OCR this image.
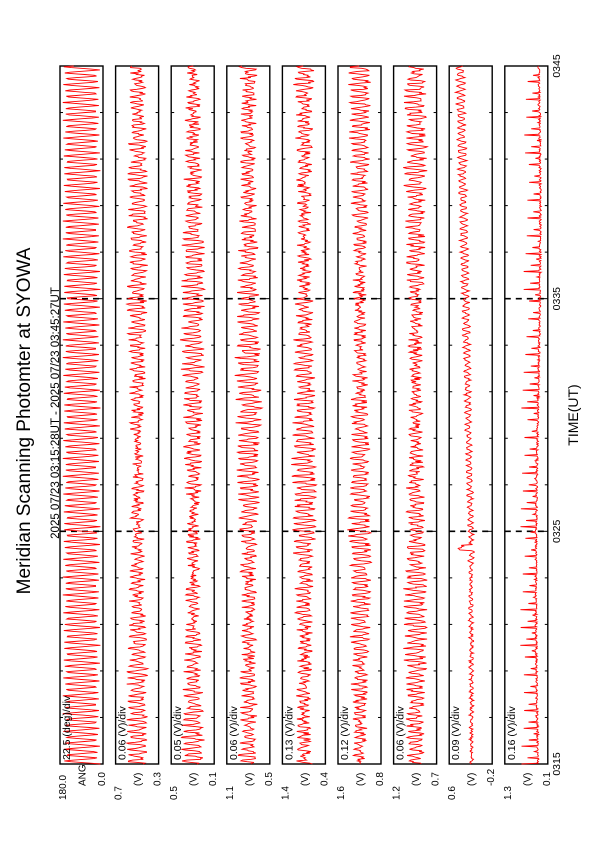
Meridian Scanning Photomter at SYOWA 2025 07/23 03:15:28UT - 2025 07/23 03:45:27UT	TIME(UT)
180.0 ANG 0.0
22.5 (deg)/div
0.7
(V) 0.3
0.06 (V)/div
0.5
(V) 0.1
0.05 (V)/div
1.1
(V) 0.5
0.06 (V)/div
1.4
(V) 0.4
0.13 (V)/div
1.6
(V) 0.8
0.12 (V)/div
1.2
(V) 0.7
0.06 (V)/div
0.6
(V) -0.2
0.09 (V)/div
1.3
(V) 0.1
0.16 (V)/div
0315
0325
0335
0345
